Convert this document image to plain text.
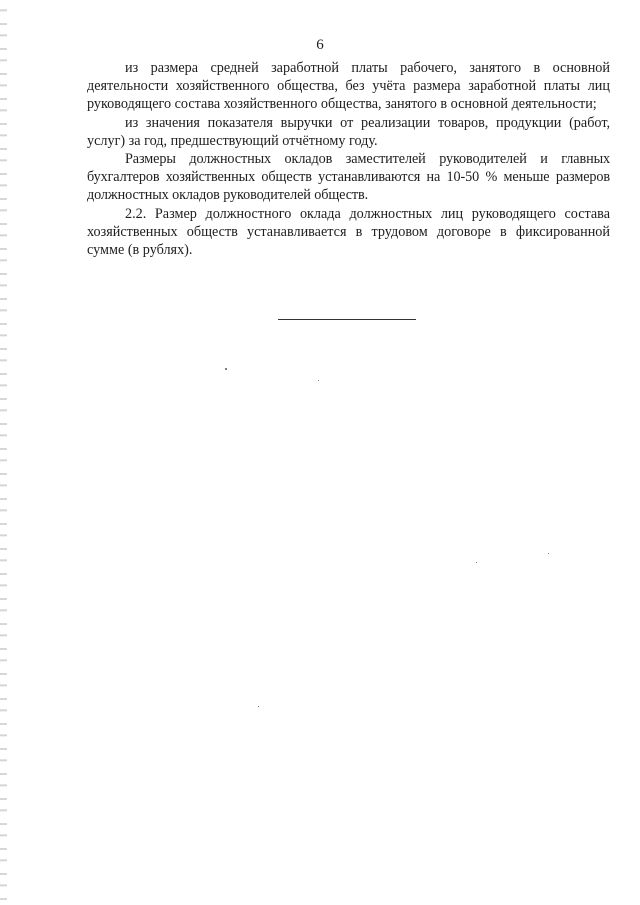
6

из размера средней заработной платы рабочего, занятого в основной деятельности хозяйственного общества, без учёта размера заработной платы лиц руководящего состава хозяйственного общества, занятого в основной деятельности;

из значения показателя выручки от реализации товаров, продукции (работ, услуг) за год, предшествующий отчётному году.

Размеры должностных окладов заместителей руководителей и главных бухгалтеров хозяйственных обществ устанавливаются на 10-50 % меньше размеров должностных окладов руководителей обществ.

2.2. Размер должностного оклада должностных лиц руководящего состава хозяйственных обществ устанавливается в трудовом договоре в фиксированной сумме (в рублях).
